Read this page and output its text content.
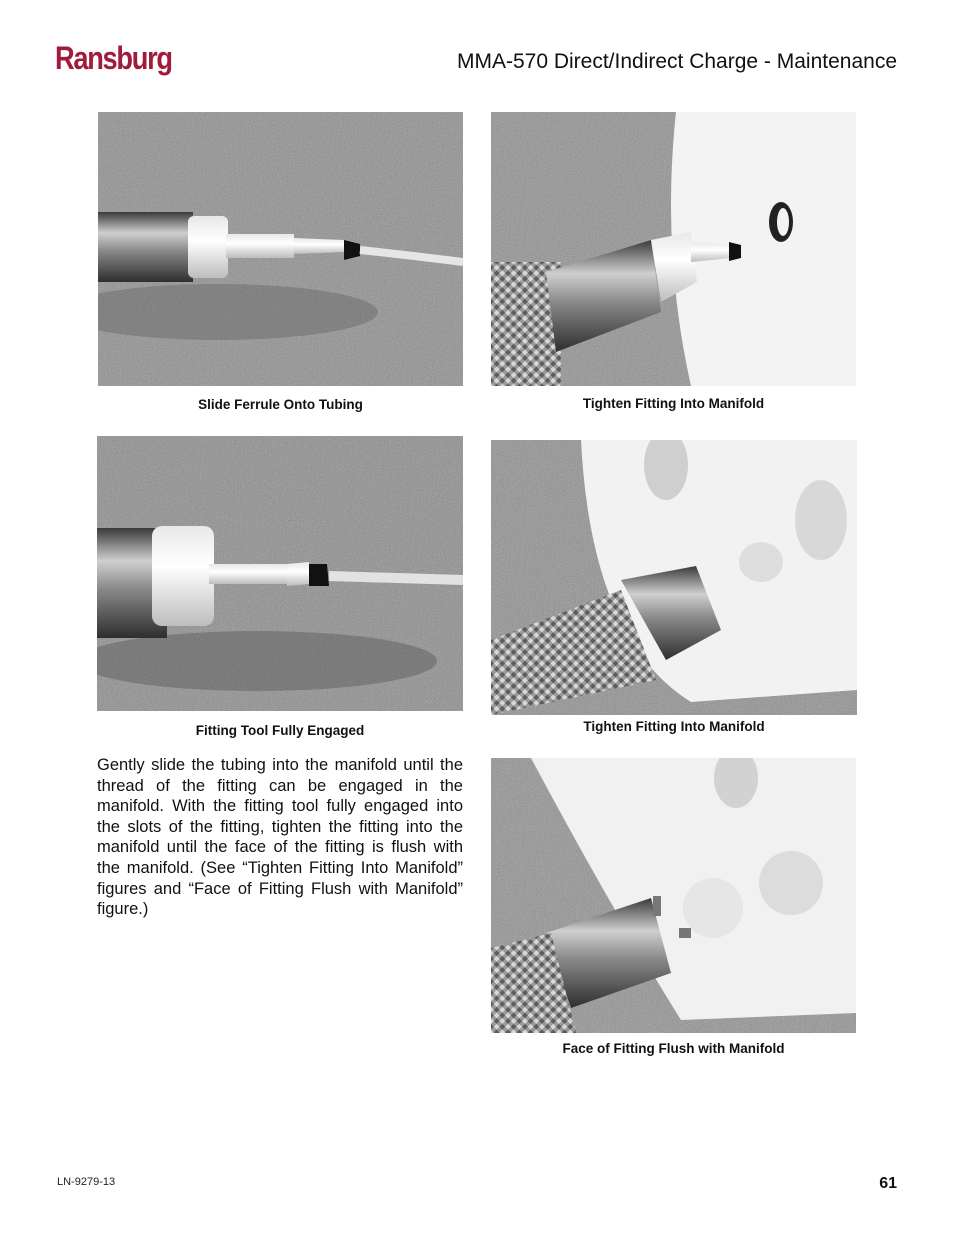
Ransburg	MMA-570 Direct/Indirect Charge - Maintenance
Slide Ferrule Onto Tubing	Tighten Fitting Into Manifold
Fitting Tool Fully Engaged	Tighten Fitting Into Manifold
Gently slide the tubing into the manifold until the thread of the fitting can be engaged in the manifold. With the fitting tool fully engaged into the slots of the fitting, tighten the fitting into the manifold until the face of the fitting is flush with the manifold. (See “Tighten Fitting Into Manifold” figures and “Face of Fitting Flush with Manifold” figure.)
Face of Fitting Flush with Manifold
LN-9279-13	61
